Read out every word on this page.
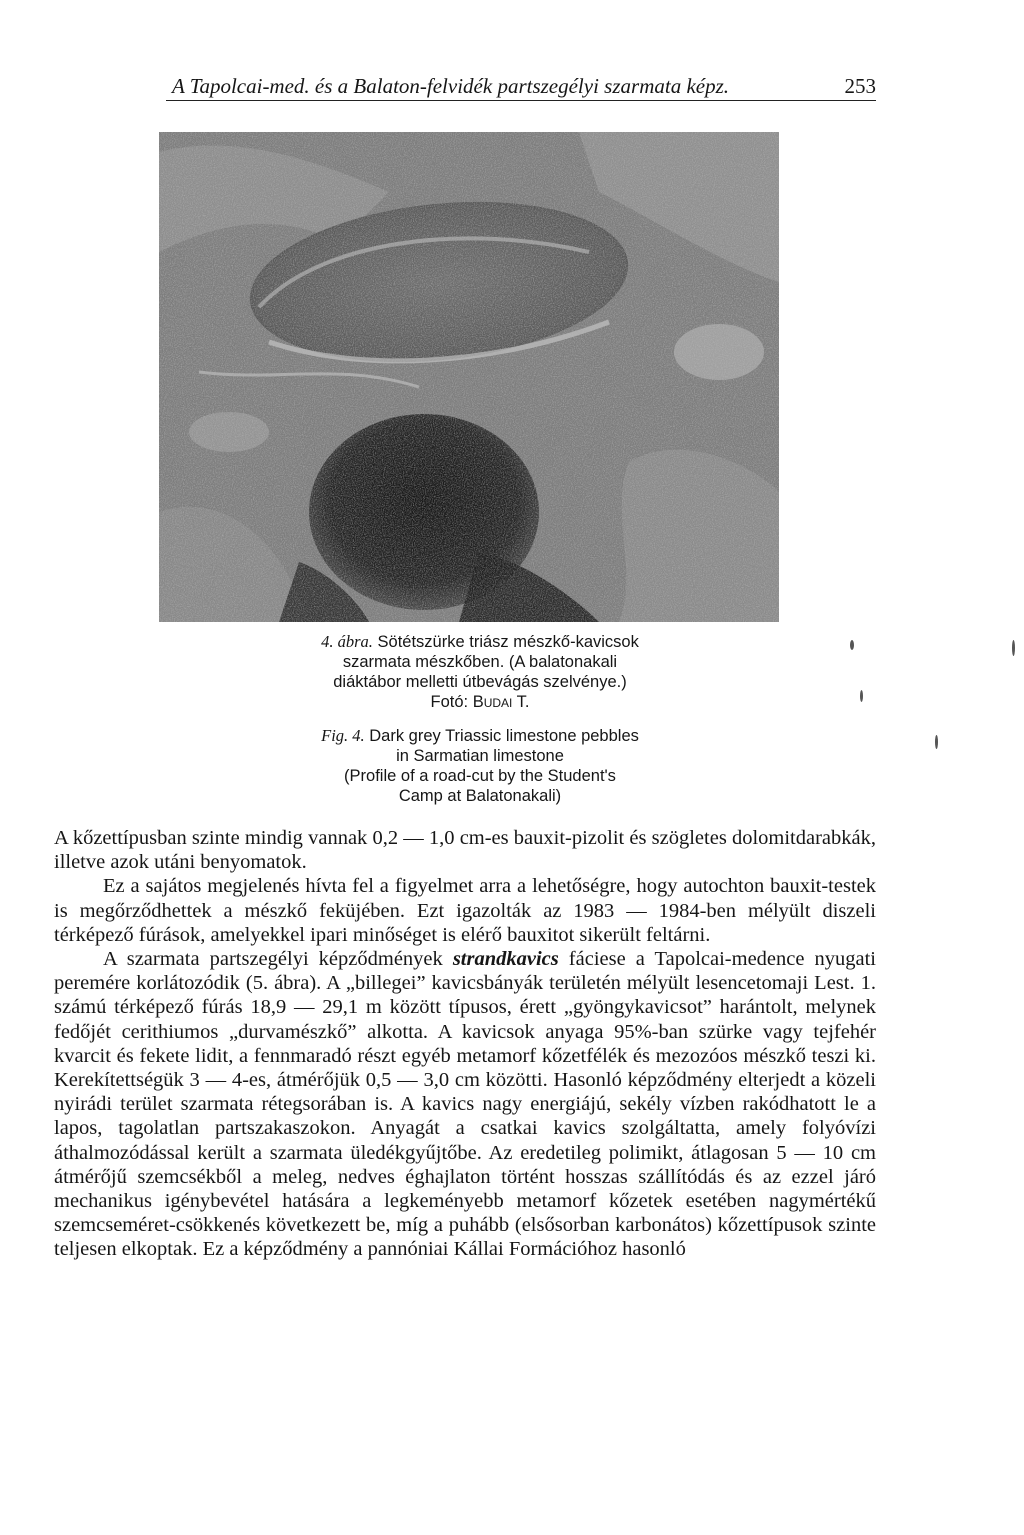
A Tapolcai-med. és a Balaton-felvidék partszegélyi szarmata képz.	253
4. ábra. Sötétszürke triász mészkő-kavicsok
szarmata mészkőben. (A balatonakali
diáktábor melletti útbevágás szelvénye.)
Fotó: Budai T.
Fig. 4. Dark grey Triassic limestone pebbles
in Sarmatian limestone
(Profile of a road-cut by the Student's
Camp at Balatonakali)

A kőzettípusban szinte mindig vannak 0,2 — 1,0 cm-es bauxit-pizolit és szögletes dolomitdarabkák, illetve azok utáni benyomatok.

Ez a sajátos megjelenés hívta fel a figyelmet arra a lehetőségre, hogy autochton bauxit-testek is megőrződhettek a mészkő feküjében. Ezt igazolták az 1983 — 1984-ben mélyült diszeli térképező fúrások, amelyekkel ipari minőséget is elérő bauxitot sikerült feltárni.

A szarmata partszegélyi képződmények strandkavics fáciese a Tapolcai-medence nyugati peremére korlátozódik (5. ábra). A „billegei” kavicsbányák területén mélyült lesencetomaji Lest. 1. számú térképező fúrás 18,9 — 29,1 m között típusos, érett „gyöngykavicsot” harántolt, melynek fedőjét cerithiumos „durvamészkő” alkotta. A kavicsok anyaga 95%-ban szürke vagy tejfehér kvarcit és fekete lidit, a fennmaradó részt egyéb metamorf kőzetfélék és mezozóos mészkő teszi ki. Kerekítettségük 3 — 4-es, átmérőjük 0,5 — 3,0 cm közötti. Hasonló képződmény elterjedt a közeli nyirádi terület szarmata rétegsorában is. A kavics nagy energiájú, sekély vízben rakódhatott le a lapos, tagolatlan partszakaszokon. Anyagát a csatkai kavics szolgáltatta, amely folyóvízi áthalmozódással került a szarmata üledékgyűjtőbe. Az eredetileg polimikt, átlagosan 5 — 10 cm átmérőjű szemcsékből a meleg, nedves éghajlaton történt hosszas szállítódás és az ezzel járó mechanikus igénybevétel hatására a legkeményebb metamorf kőzetek esetében nagymértékű szemcseméret-csökkenés következett be, míg a puhább (elsősorban karbonátos) kőzettípusok szinte teljesen elkoptak. Ez a képződmény a pannóniai Kállai Formációhoz hasonló
